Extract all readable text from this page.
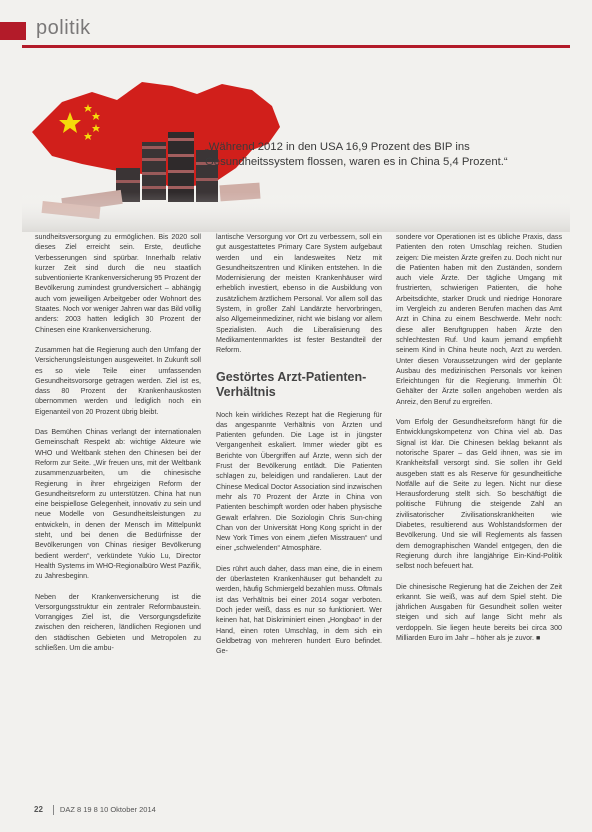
politik
„Während 2012 in den USA 16,9 Prozent des BIP ins Gesundheitssystem flossen, waren es in China 5,4 Prozent.“

sundheitsversorgung zu ermöglichen. Bis 2020 soll dieses Ziel erreicht sein. Erste, deutliche Verbesserungen sind spürbar. Innerhalb relativ kurzer Zeit sind durch die neu staatlich subventionierte Krankenversicherung 95 Prozent der Bevölkerung zumindest grundversichert – abhängig auch vom jeweiligen Arbeitgeber oder Wohnort des Staates. Noch vor weniger Jahren war das Bild völlig anders: 2003 hatten lediglich 30 Prozent der Chinesen eine Krankenversicherung.

Zusammen hat die Regierung auch den Umfang der Versicherungsleistungen ausgeweitet. In Zukunft soll es so viele Teile einer umfassenden Gesundheitsvorsorge getragen werden. Ziel ist es, dass 80 Prozent der Krankenhauskosten übernommen werden und lediglich noch ein Eigenanteil von 20 Prozent übrig bleibt.

Das Bemühen Chinas verlangt der internationalen Gemeinschaft Respekt ab: wichtige Akteure wie WHO und Weltbank stehen den Chinesen bei der Reform zur Seite. „Wir freuen uns, mit der Weltbank zusammenzuarbeiten, um die chinesische Regierung in ihrer ehrgeizigen Reform der Gesundheitsreform zu unterstützen. China hat nun eine beispiellose Gelegenheit, innovativ zu sein und neue Modelle von Gesundheitsleistungen zu entwickeln, in denen der Mensch im Mittelpunkt steht, und bei denen die Bedürfnisse der Bevölkerungen von Chinas riesiger Bevölkerung bedient werden“, verkündete Yukio Lu, Director Health Systems im WHO-Regionalbüro West Pazifik, zu Jahresbeginn.

Neben der Krankenversicherung ist die Versorgungsstruktur ein zentraler Reformbaustein. Vorrangiges Ziel ist, die Versorgungsdefizite zwischen den reicheren, ländlichen Regionen und den städtischen Gebieten und Metropolen zu schließen. Um die ambu-

lantische Versorgung vor Ort zu verbessern, soll ein gut ausgestattetes Primary Care System aufgebaut werden und ein landesweites Netz mit Gesundheitszentren und Kliniken entstehen. In die Modernisierung der meisten Krankenhäuser wird erheblich investiert, ebenso in die Ausbildung von zusätzlichem ärztlichem Personal. Vor allem soll das System, in großer Zahl Landärzte hervorbringen, also Allgemeinmediziner, nicht wie bislang vor allem Spezialisten. Auch die Liberalisierung des Medikamentenmarktes ist fester Bestandteil der Reform.

Gestörtes Arzt-Patienten-Verhältnis

Noch kein wirkliches Rezept hat die Regierung für das angespannte Verhältnis von Ärzten und Patienten gefunden. Die Lage ist in jüngster Vergangenheit eskaliert. Immer wieder gibt es Berichte von Übergriffen auf Ärzte, wenn sich der Frust der Bevölkerung entlädt. Die Patienten schlagen zu, beleidigen und randalieren. Laut der Chinese Medical Doctor Association sind inzwischen mehr als 70 Prozent der Ärzte in China von Patienten beschimpft worden oder haben physische Gewalt erfahren. Die Soziologin Chris Sun-ching Chan von der Universität Hong Kong spricht in der New York Times von einem „tiefen Misstrauen“ und einer „schwelenden“ Atmosphäre.

Dies rührt auch daher, dass man eine, die in einem der überlasteten Krankenhäuser gut behandelt zu werden, häufig Schmiergeld bezahlen muss. Oftmals ist das Verhältnis bei einer 2014 sogar verboten. Doch jeder weiß, dass es nur so funktioniert. Wer keinen hat, hat Diskriminiert einen „Hongbao“ in der Hand, einen roten Umschlag, in dem sich ein Geldbetrag von mehreren hundert Euro befindet. Ge-

sondere vor Operationen ist es übliche Praxis, dass Patienten den roten Umschlag reichen. Studien zeigen: Die meisten Ärzte greifen zu. Doch nicht nur die Patienten haben mit den Zuständen, sondern auch viele Ärzte. Der tägliche Umgang mit frustrierten, schwierigen Patienten, die hohe Arbeitsdichte, starker Druck und niedrige Honorare im Vergleich zu anderen Berufen machen das Amt Arzt in China zu einem Beschwerde. Mehr noch: diese aller Beruftgruppen haben Ärzte den schlechtesten Ruf. Und kaum jemand empfiehlt seinem Kind in China heute noch, Arzt zu werden. Unter diesen Voraussetzungen wird der geplante Ausbau des medizinischen Personals vor keinen Erleichtungen für die Regierung. Immerhin Öl: Gehälter der Ärzte sollen angehoben werden als Anreiz, den Beruf zu ergreifen.

Vom Erfolg der Gesundheitsreform hängt für die Entwicklungskompetenz von China viel ab. Das Signal ist klar. Die Chinesen beklag bekannt als notorische Sparer – das Geld ihnen, was sie im Krankheitsfall versorgt sind. Sie sollen ihr Geld ausgeben statt es als Reserve für gesundheitliche Notfälle auf die Seite zu legen. Nicht nur diese Herausforderung stellt sich. So beschäftigt die politische Führung die steigende Zahl an zivilisatorischer Zivilisationskrankheiten wie Diabetes, resultierend aus Wohlstandsformen der Bevölkerung. Und sie will Reglements als fassen dem demographischen Wandel entgegen, den die Regierung durch ihre langjährige Ein-Kind-Politik selbst noch befeuert hat.

Die chinesische Regierung hat die Zeichen der Zeit erkannt. Sie weiß, was auf dem Spiel steht. Die jährlichen Ausgaben für Gesundheit sollen weiter steigen und sich auf lange Sicht mehr als verdoppeln. Sie liegen heute bereits bei circa 300 Milliarden Euro im Jahr – höher als je zuvor. ■

22 DAZ 8 19 8 10 Oktober 2014
